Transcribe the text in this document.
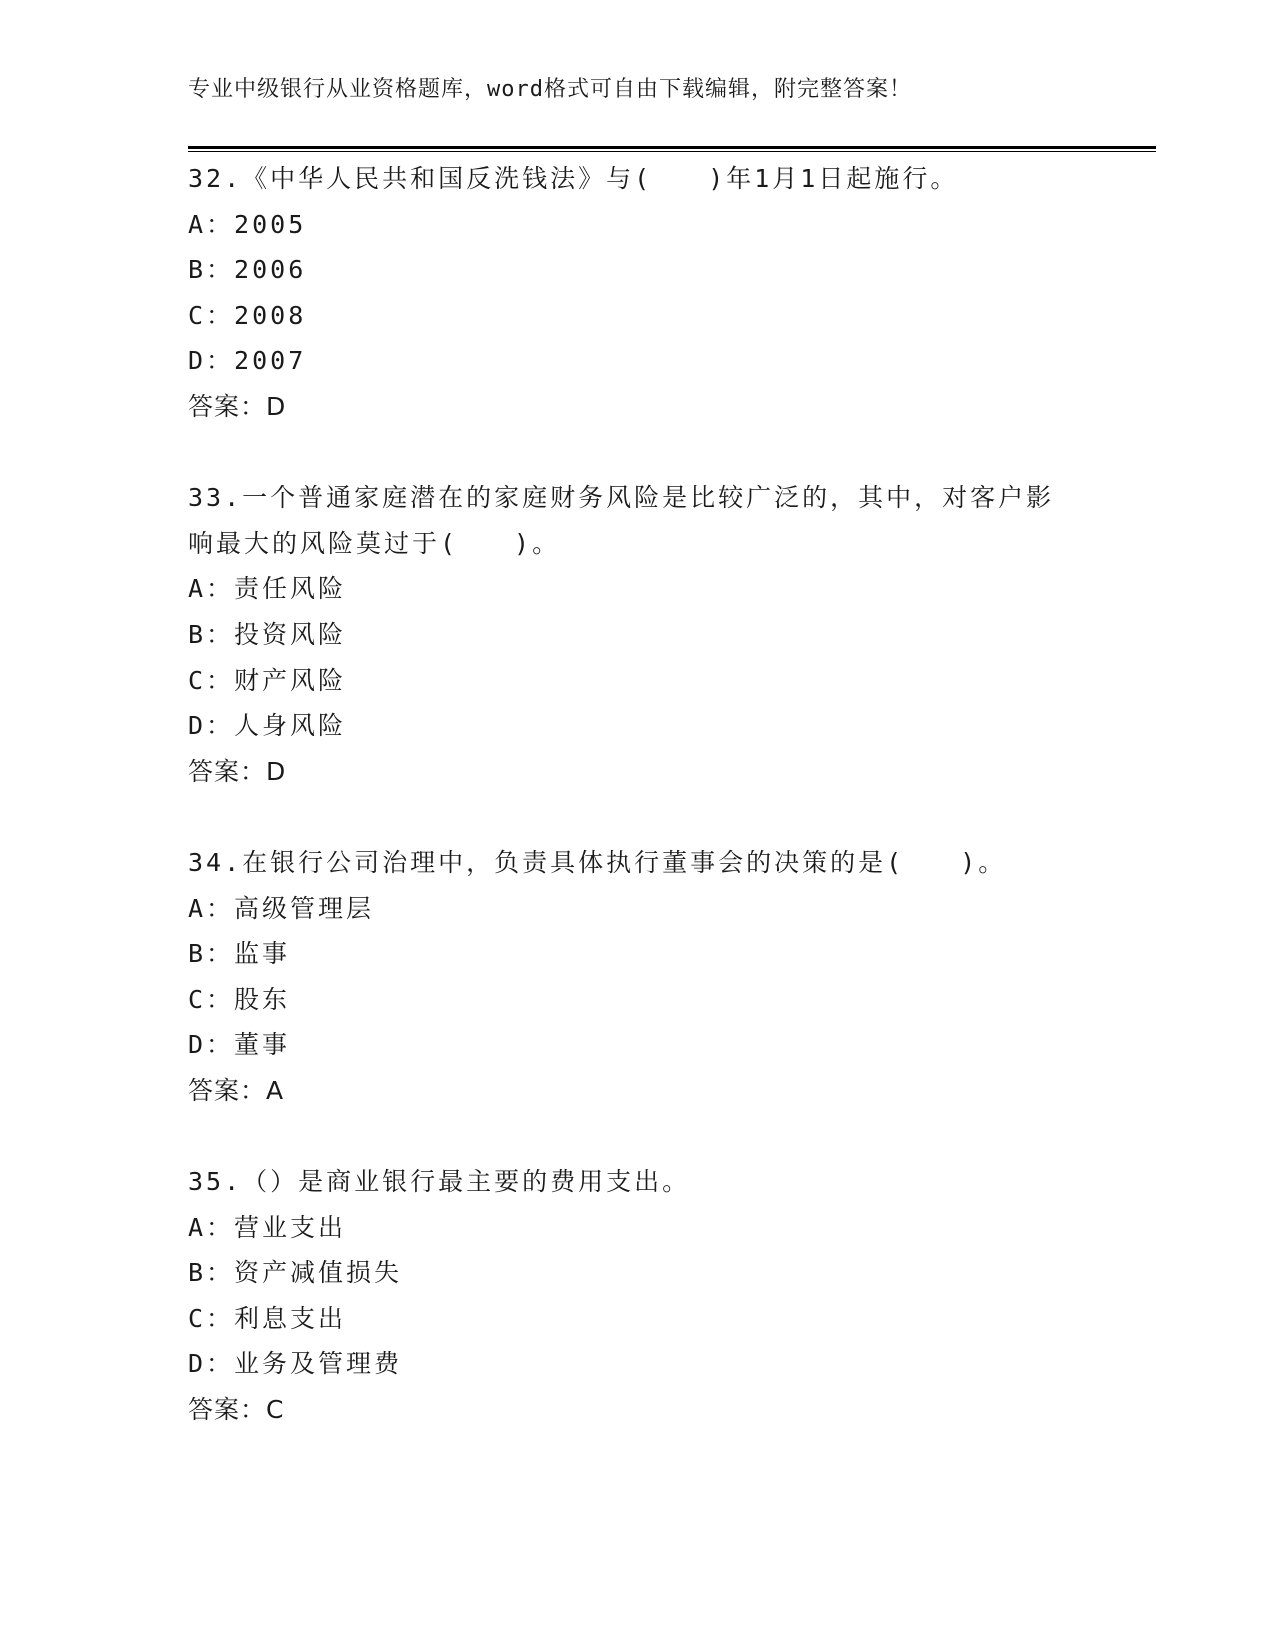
专业中级银行从业资格题库，word格式可自由下载编辑，附完整答案！
32.《中华人民共和国反洗钱法》与(　　)年1月1日起施行。
A：2005
B：2006
C：2008
D：2007
答案：D
33.一个普通家庭潜在的家庭财务风险是比较广泛的，其中，对客户影
响最大的风险莫过于(　　)。
A：责任风险
B：投资风险
C：财产风险
D：人身风险
答案：D
34.在银行公司治理中，负责具体执行董事会的决策的是(　　)。
A：高级管理层
B：监事
C：股东
D：董事
答案：A
35.（）是商业银行最主要的费用支出。
A：营业支出
B：资产减值损失
C：利息支出
D：业务及管理费
答案：C
